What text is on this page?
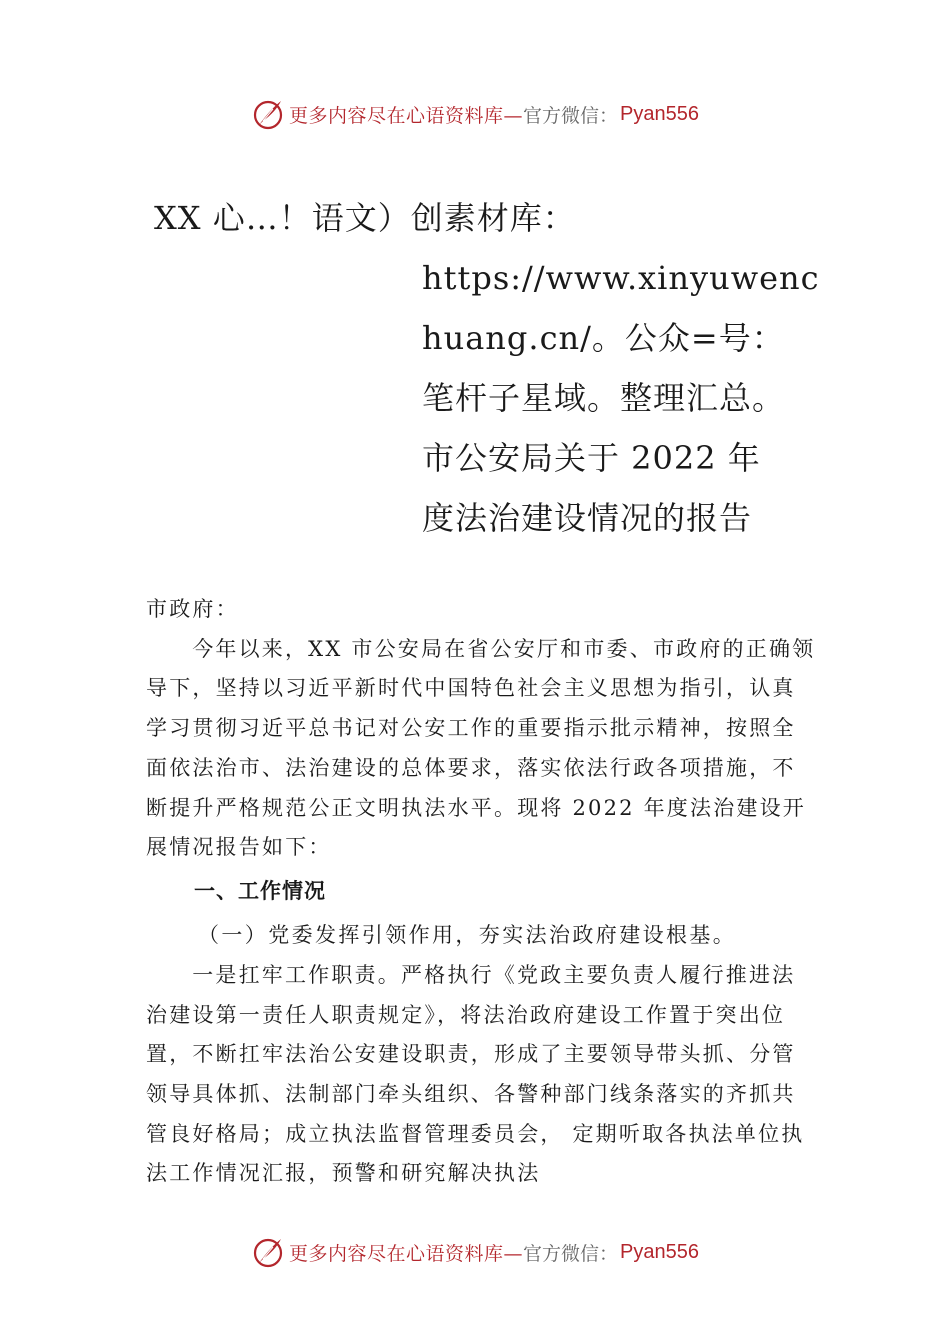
更多内容尽在心语资料库— 官方微信： Pyan556
XX 心…！语文）创素材库：
https://www.xinyuwenc
huang.cn/。公众=号：
笔杆子星域。整理汇总。
市公安局关于 2022 年
度法治建设情况的报告

市政府：

今年以来，XX 市公安局在省公安厅和市委、市政府的正确领导下，坚持以习近平新时代中国特色社会主义思想为指引，认真学习贯彻习近平总书记对公安工作的重要指示批示精神，按照全面依法治市、法治建设的总体要求，落实依法行政各项措施，不断提升严格规范公正文明执法水平。现将 2022 年度法治建设开展情况报告如下：

一、工作情况

（一）党委发挥引领作用，夯实法治政府建设根基。

一是扛牢工作职责。严格执行《党政主要负责人履行推进法治建设第一责任人职责规定》，将法治政府建设工作置于突出位置，不断扛牢法治公安建设职责，形成了主要领导带头抓、分管领导具体抓、法制部门牵头组织、各警种部门线条落实的齐抓共管良好格局；成立执法监督管理委员会， 定期听取各执法单位执法工作情况汇报，预警和研究解决执法

更多内容尽在心语资料库— 官方微信： Pyan556
